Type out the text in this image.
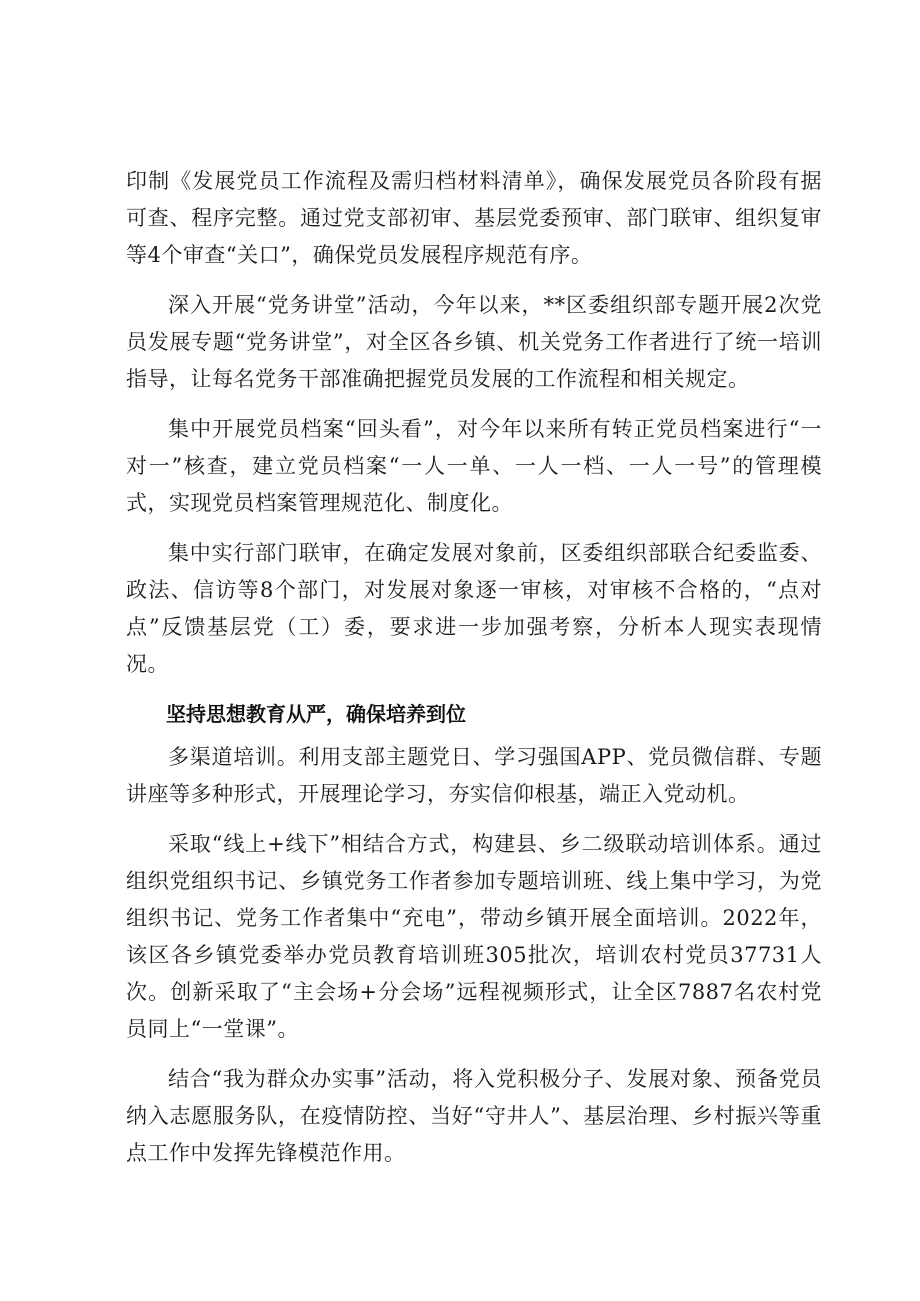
印制《发展党员工作流程及需归档材料清单》，确保发展党员各阶段有据可查、程序完整。通过党支部初审、基层党委预审、部门联审、组织复审等4个审查“关口”，确保党员发展程序规范有序。

深入开展“党务讲堂”活动，今年以来，**区委组织部专题开展2次党员发展专题“党务讲堂”，对全区各乡镇、机关党务工作者进行了统一培训指导，让每名党务干部准确把握党员发展的工作流程和相关规定。

集中开展党员档案“回头看”，对今年以来所有转正党员档案进行“一对一”核查，建立党员档案“一人一单、一人一档、一人一号”的管理模式，实现党员档案管理规范化、制度化。

集中实行部门联审，在确定发展对象前，区委组织部联合纪委监委、政法、信访等8个部门，对发展对象逐一审核，对审核不合格的，“点对点”反馈基层党（工）委，要求进一步加强考察，分析本人现实表现情况。

坚持思想教育从严，确保培养到位

多渠道培训。利用支部主题党日、学习强国APP、党员微信群、专题讲座等多种形式，开展理论学习，夯实信仰根基，端正入党动机。

采取“线上+线下”相结合方式，构建县、乡二级联动培训体系。通过组织党组织书记、乡镇党务工作者参加专题培训班、线上集中学习，为党组织书记、党务工作者集中“充电”，带动乡镇开展全面培训。2022年，该区各乡镇党委举办党员教育培训班305批次，培训农村党员37731人次。创新采取了“主会场+分会场”远程视频形式，让全区7887名农村党员同上“一堂课”。

结合“我为群众办实事”活动，将入党积极分子、发展对象、预备党员纳入志愿服务队，在疫情防控、当好“守井人”、基层治理、乡村振兴等重点工作中发挥先锋模范作用。
